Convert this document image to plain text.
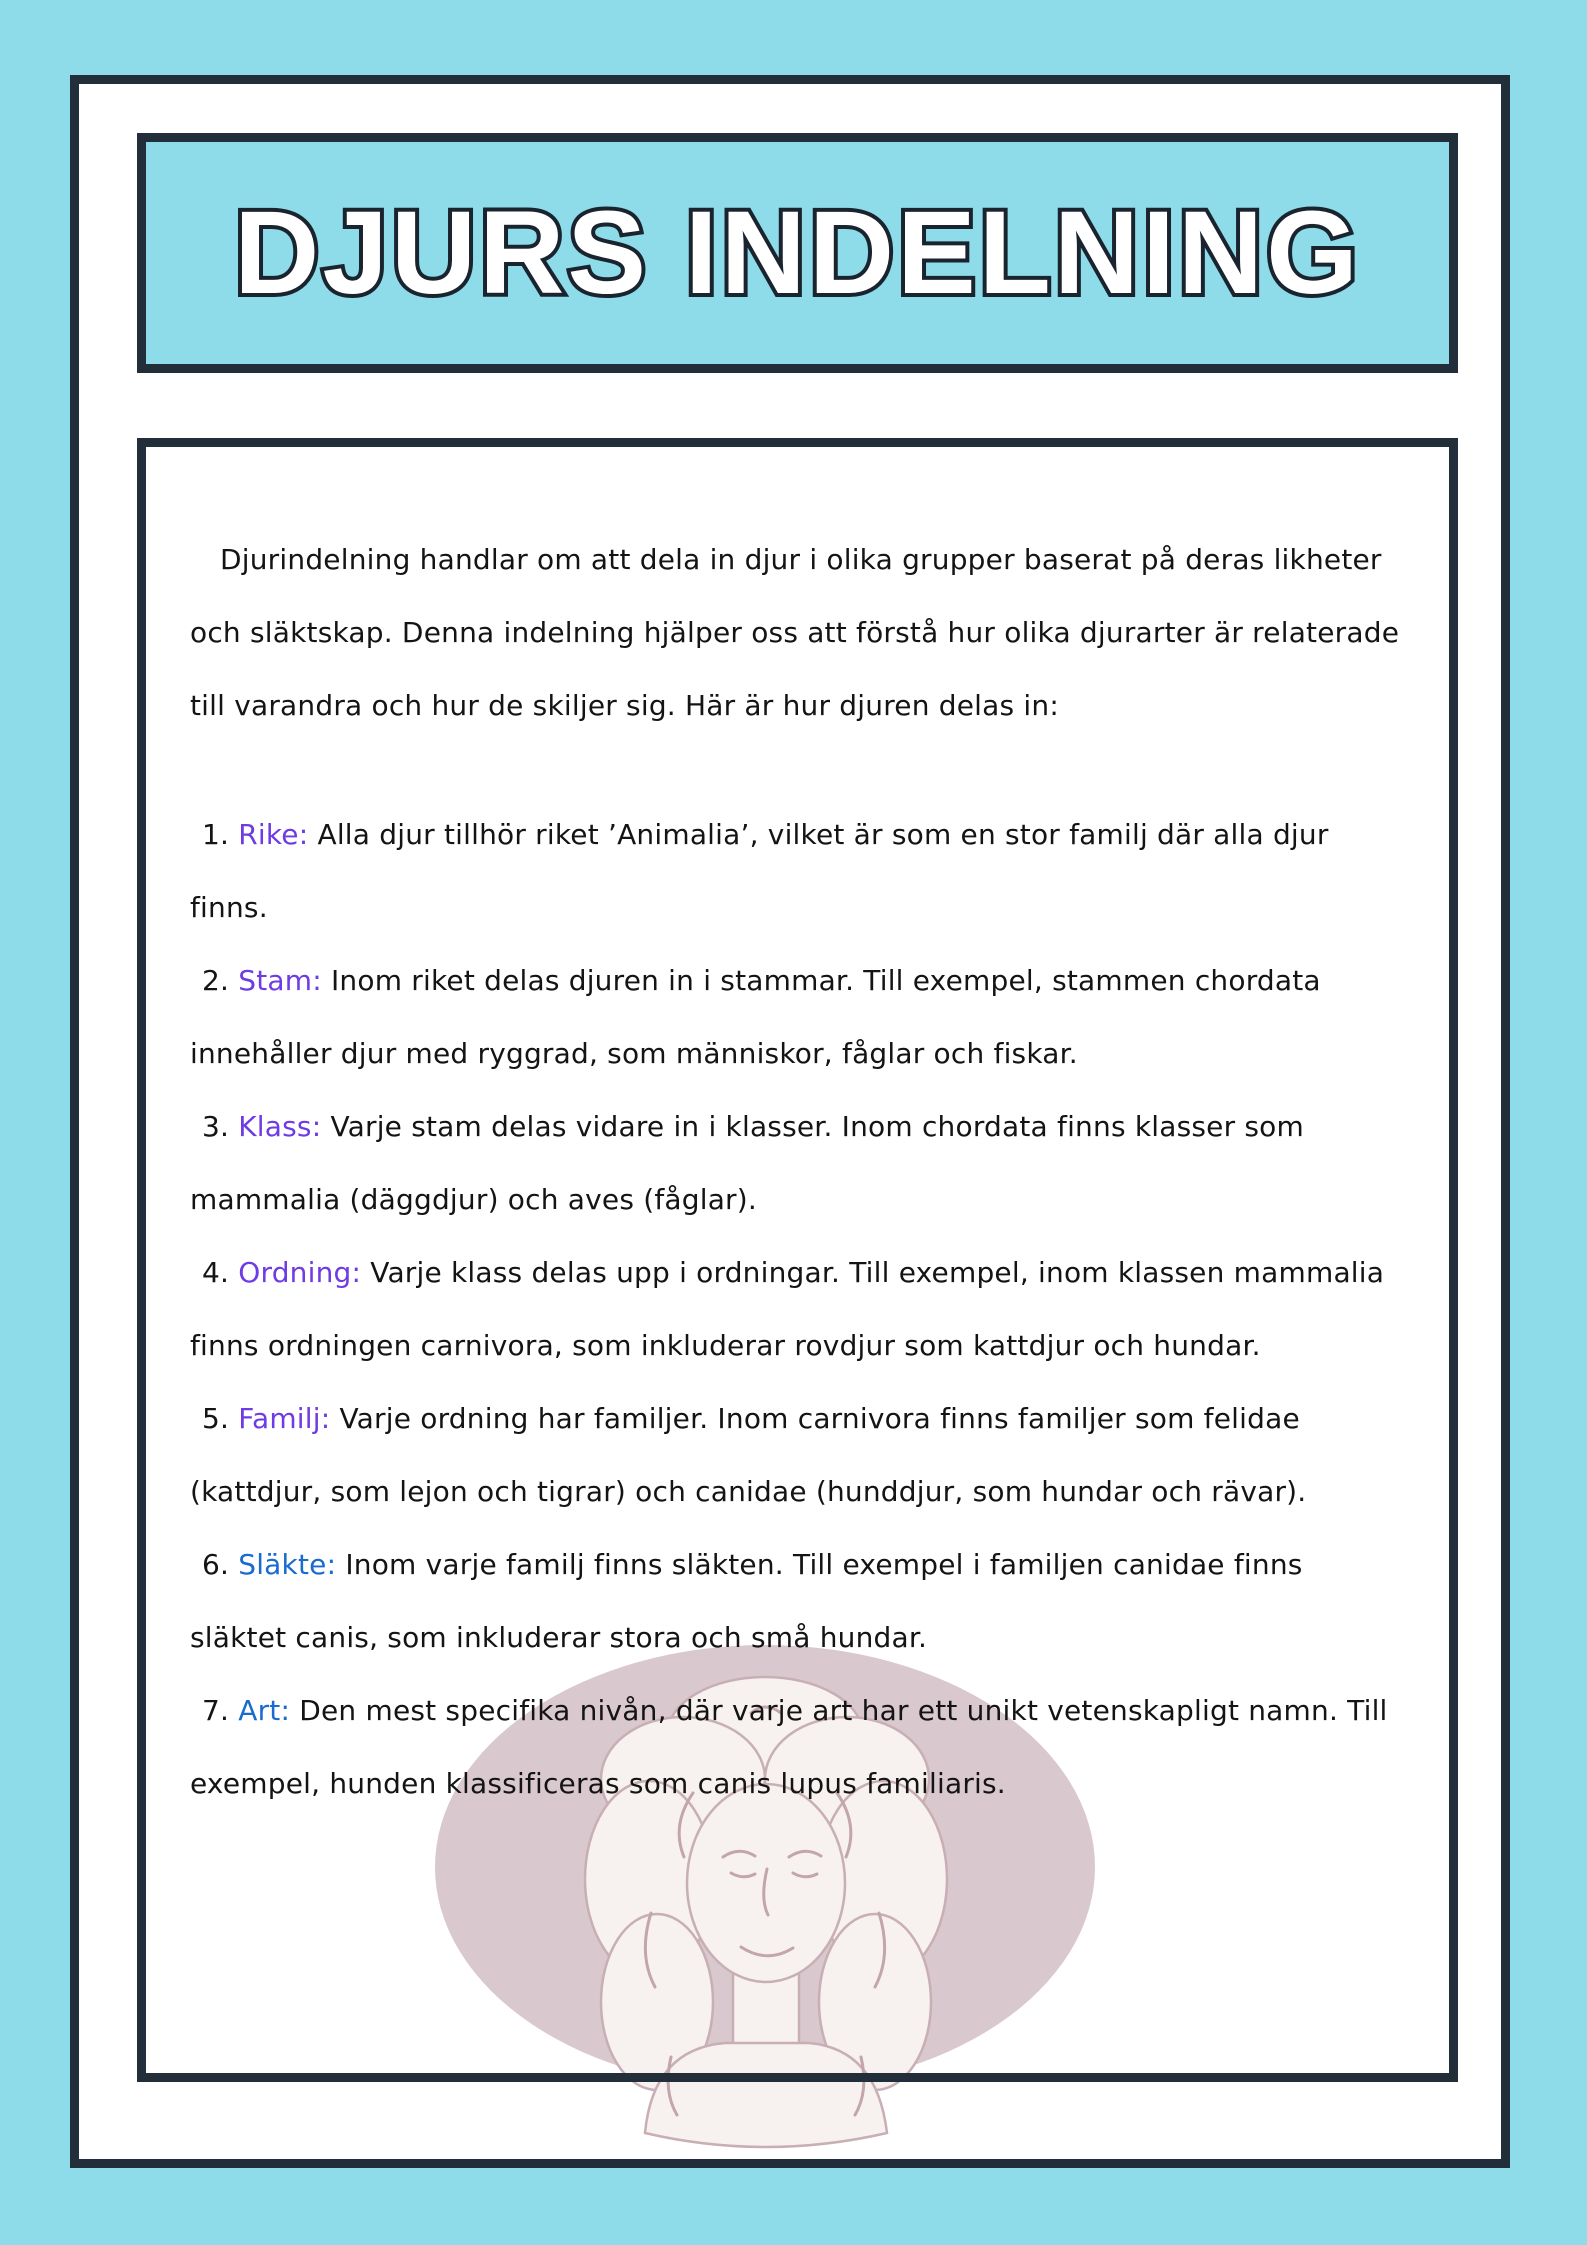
DJURS INDELNING

Djurindelning handlar om att dela in djur i olika grupper baserat på deras likheter och släktskap. Denna indelning hjälper oss att förstå hur olika djurarter är relaterade till varandra och hur de skiljer sig. Här är hur djuren delas in:

1. Rike: Alla djur tillhör riket ’Animalia’, vilket är som en stor familj där alla djur finns.

2. Stam: Inom riket delas djuren in i stammar. Till exempel, stammen chordata innehåller djur med ryggrad, som människor, fåglar och fiskar.

3. Klass: Varje stam delas vidare in i klasser. Inom chordata finns klasser som mammalia (däggdjur) och aves (fåglar).

4. Ordning: Varje klass delas upp i ordningar. Till exempel, inom klassen mammalia finns ordningen carnivora, som inkluderar rovdjur som kattdjur och hundar.

5. Familj: Varje ordning har familjer. Inom carnivora finns familjer som felidae (kattdjur, som lejon och tigrar) och canidae (hunddjur, som hundar och rävar).

6. Släkte: Inom varje familj finns släkten. Till exempel i familjen canidae finns släktet canis, som inkluderar stora och små hundar.

7. Art: Den mest specifika nivån, där varje art har ett unikt vetenskapligt namn. Till exempel, hunden klassificeras som canis lupus familiaris.
